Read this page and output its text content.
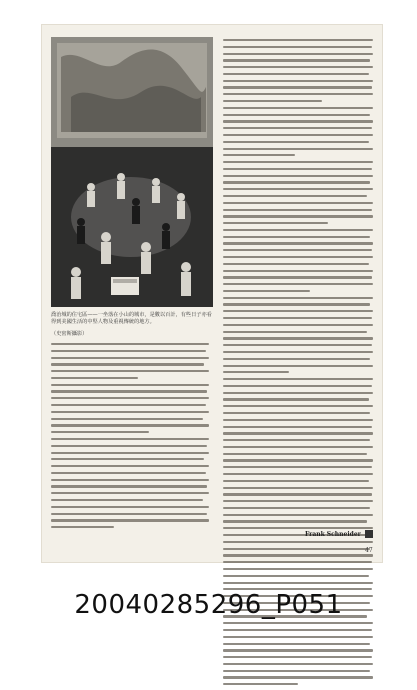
喬治城的住宅區——一坐落在小山的城市，是數以百計，有些日子亦看
得到美國生活的中堅人物及重視傳統的地方。
（史密斯攝影）
Frank Schneider
47
20040285296_P051
